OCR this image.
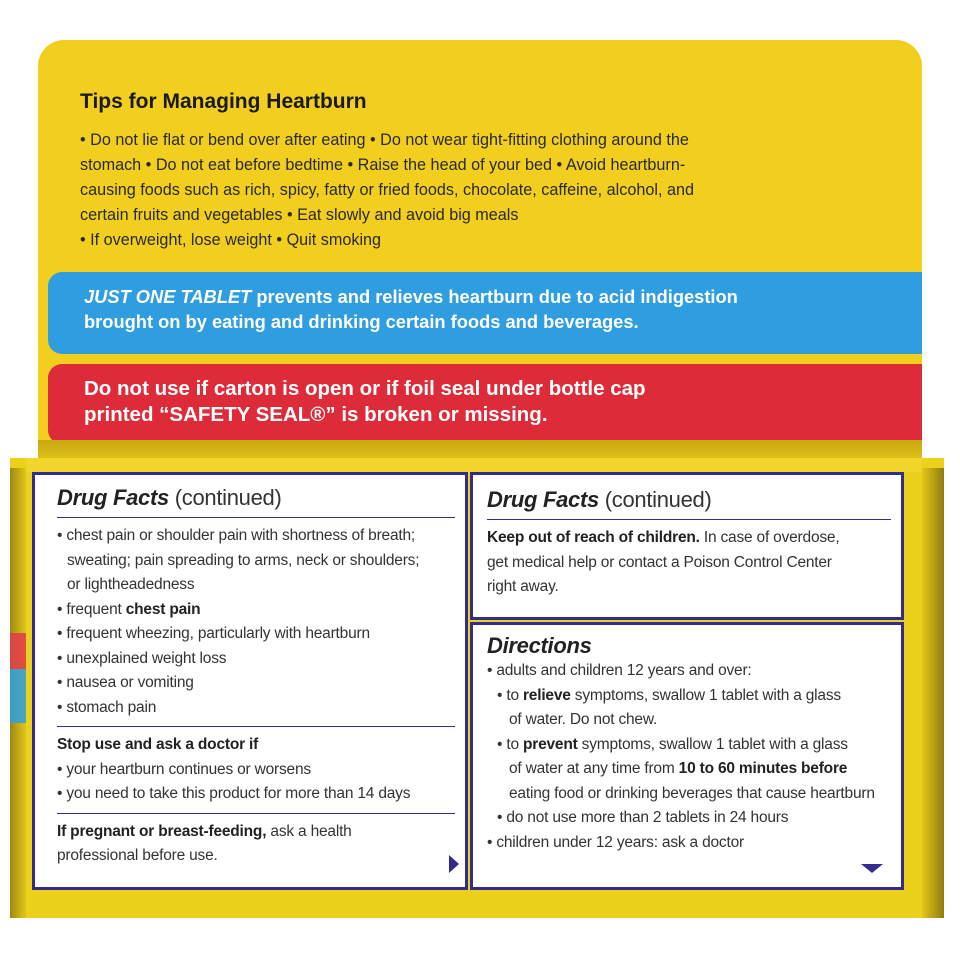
Tips for Managing Heartburn
• Do not lie flat or bend over after eating • Do not wear tight-fitting clothing around the
stomach • Do not eat before bedtime • Raise the head of your bed • Avoid heartburn-
causing foods such as rich, spicy, fatty or fried foods, chocolate, caffeine, alcohol, and
certain fruits and vegetables • Eat slowly and avoid big meals
• If overweight, lose weight • Quit smoking
JUST ONE TABLET prevents and relieves heartburn due to acid indigestion
brought on by eating and drinking certain foods and beverages.
Do not use if carton is open or if foil seal under bottle cap
printed “SAFETY SEAL®” is broken or missing.
Drug Facts (continued)
• chest pain or shoulder pain with shortness of breath;
sweating; pain spreading to arms, neck or shoulders;
or lightheadedness
• frequent chest pain
• frequent wheezing, particularly with heartburn
• unexplained weight loss
• nausea or vomiting
• stomach pain
Stop use and ask a doctor if
• your heartburn continues or worsens
• you need to take this product for more than 14 days
If pregnant or breast-feeding, ask a health
professional before use.
Drug Facts (continued)
Keep out of reach of children. In case of overdose,
get medical help or contact a Poison Control Center
right away.
Directions
• adults and children 12 years and over:
• to relieve symptoms, swallow 1 tablet with a glass
of water. Do not chew.
• to prevent symptoms, swallow 1 tablet with a glass
of water at any time from 10 to 60 minutes before
eating food or drinking beverages that cause heartburn
• do not use more than 2 tablets in 24 hours
• children under 12 years: ask a doctor
